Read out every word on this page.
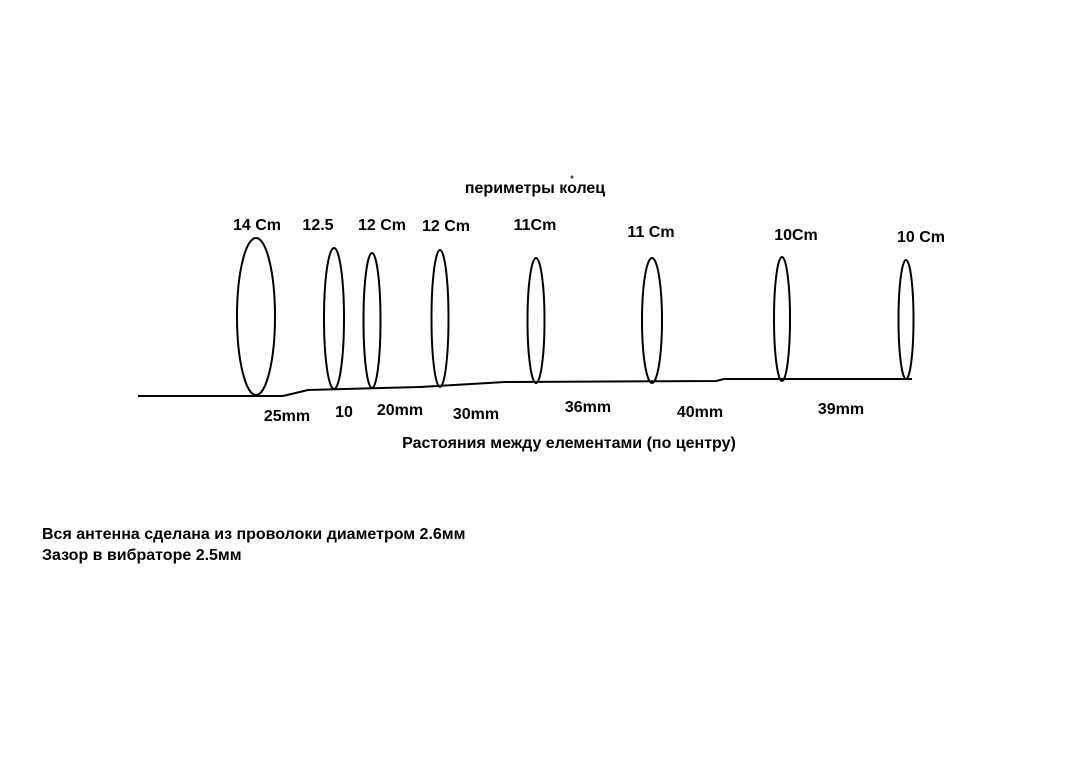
периметры колец
14 Cm 12.5 12 Cm 12 Cm	11Cm	11 Cm	10Cm	10 Cm
25mm 10 20mm 30mm	36mm	40mm	39mm
Растояния между елементами (по центру)
Вся антенна сделана из проволоки диаметром 2.6мм
Зазор в вибраторе 2.5мм
